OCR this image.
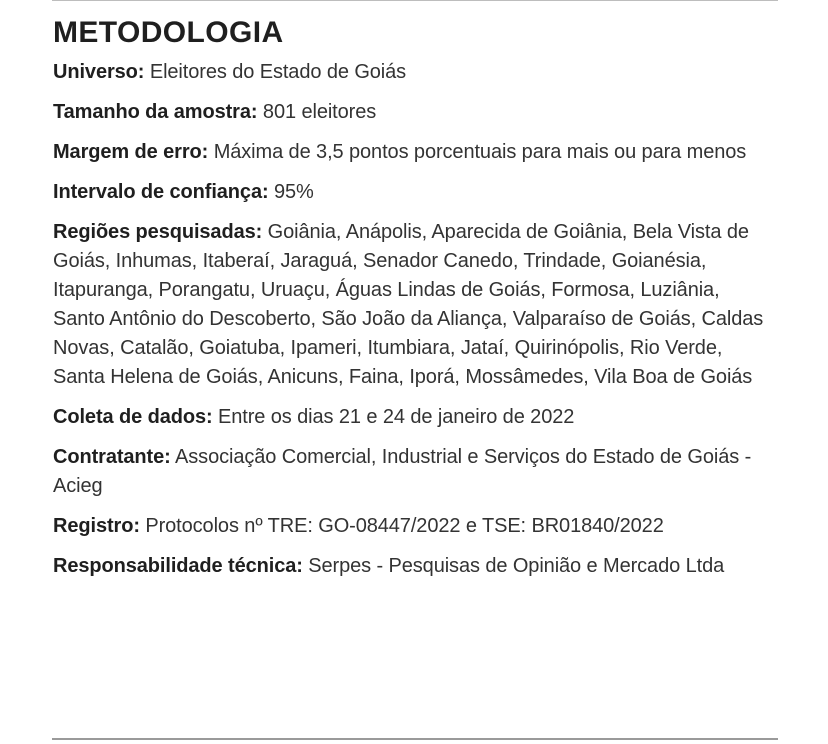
METODOLOGIA
Universo: Eleitores do Estado de Goiás
Tamanho da amostra: 801 eleitores
Margem de erro: Máxima de 3,5 pontos porcentuais para mais ou para menos
Intervalo de confiança: 95%
Regiões pesquisadas: Goiânia, Anápolis, Aparecida de Goiânia, Bela Vista de Goiás, Inhumas, Itaberaí, Jaraguá, Senador Canedo, Trindade, Goianésia, Itapuranga, Porangatu, Uruaçu, Águas Lindas de Goiás, Formosa, Luziânia, Santo Antônio do Descoberto, São João da Aliança, Valparaíso de Goiás, Caldas Novas, Catalão, Goiatuba, Ipameri, Itumbiara, Jataí, Quirinópolis, Rio Verde, Santa Helena de Goiás, Anicuns, Faina, Iporá, Mossâmedes, Vila Boa de Goiás
Coleta de dados: Entre os dias 21 e 24 de janeiro de 2022
Contratante: Associação Comercial, Industrial e Serviços do Estado de Goiás - Acieg
Registro: Protocolos nº TRE: GO-08447/2022 e TSE: BR01840/2022
Responsabilidade técnica: Serpes - Pesquisas de Opinião e Mercado Ltda
